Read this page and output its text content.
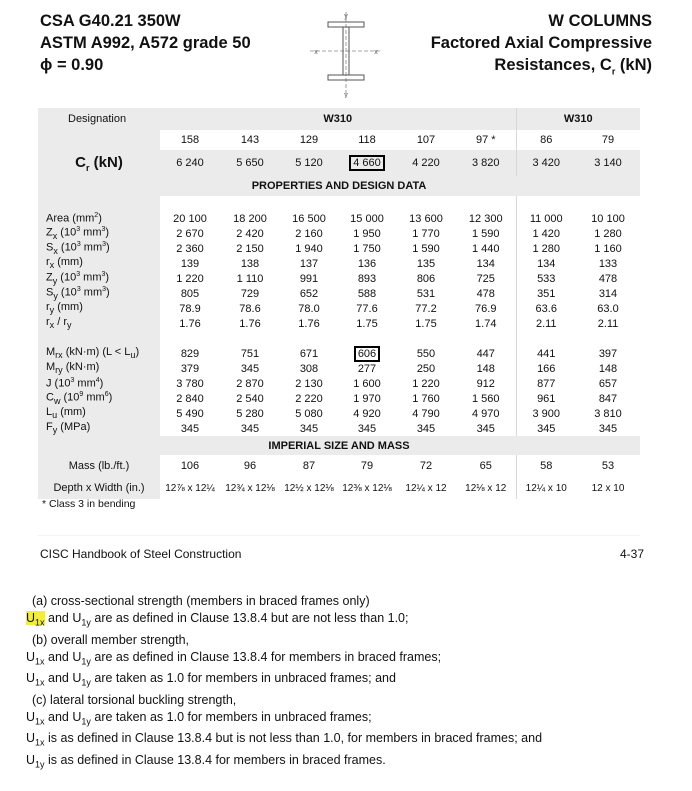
CSA G40.21 350W
ASTM A992, A572 grade 50
ϕ = 0.90
y
y
x	x
W COLUMNS
Factored Axial Compressive
Resistances, $C_r$ (kN)
Designation	W310						W310	
	158	143	129	118	107	97 *	86	79
$C_r$ (kN)	6 240	5 650	5 120	4 660	4 220	3 820	3 420	3 140
PROPERTIES AND DESIGN DATA								

Area $(mm^2)$	20 100	18 200	16 500	15 000	13 600	12 300	11 000	10 100
$Z_x$ ($10^3$ $mm^3$)	2 670	2 420	2 160	1 950	1 770	1 590	1 420	1 280
$S_x$ ($10^3$ $mm^3$)	2 360	2 150	1 940	1 750	1 590	1 440	1 280	1 160
$r_x$ (mm)	139	138	137	136	135	134	134	133
$Z_y$ ($10^3$ $mm^3$)	1 220	1 110	991	893	806	725	533	478
$S_y$ ($10^3$ $mm^3$)	805	729	652	588	531	478	351	314
$r_y$ (mm)	78.9	78.6	78.0	77.6	77.2	76.9	63.6	63.0
$r_x / r_y$	1.76	1.76	1.76	1.75	1.75	1.74	2.11	2.11

$M_{rx}$ (kN·m) $(L < L_u)$	829	751	671	606	550	447	441	397
$M_{ry}$ (kN·m)	379	345	308	277	250	148	166	148
J ($10^3$ $mm^4$)	3 780	2 870	2 130	1 600	1 220	912	877	657
$C_w$ ($10^9$ $mm^6$)	2 840	2 540	2 220	1 970	1 760	1 560	961	847
$L_u$ (mm)	5 490	5 280	5 080	4 920	4 790	4 970	3 900	3 810
$F_y$ (MPa)	345	345	345	345	345	345	345	345
IMPERIAL SIZE AND MASS								
Mass (lb./ft.)	106	96	87	79	72	65	58	53
Depth x Width (in.)	12⅞ x 12¼	12¾ x 12⅛	12½ x 12⅛	12⅜ x 12⅛	12¼ x 12	12⅛ x 12	12¼ x 10	12 x 10
* Class 3 in bending
CISC Handbook of Steel Construction	4-37
(a) cross-sectional strength (members in braced frames only)
$U_{1x}$ and $U_{1y}$ are as defined in Clause 13.8.4 but are not less than 1.0;
(b) overall member strength,
$U_{1x}$ and $U_{1y}$ are as defined in Clause 13.8.4 for members in braced frames;
$U_{1x}$ and $U_{1y}$ are taken as 1.0 for members in unbraced frames; and
(c) lateral torsional buckling strength,
$U_{1x}$ and $U_{1y}$ are taken as 1.0 for members in unbraced frames;
$U_{1x}$ is as defined in Clause 13.8.4 but is not less than 1.0, for members in braced frames; and
$U_{1y}$ is as defined in Clause 13.8.4 for members in braced frames.
